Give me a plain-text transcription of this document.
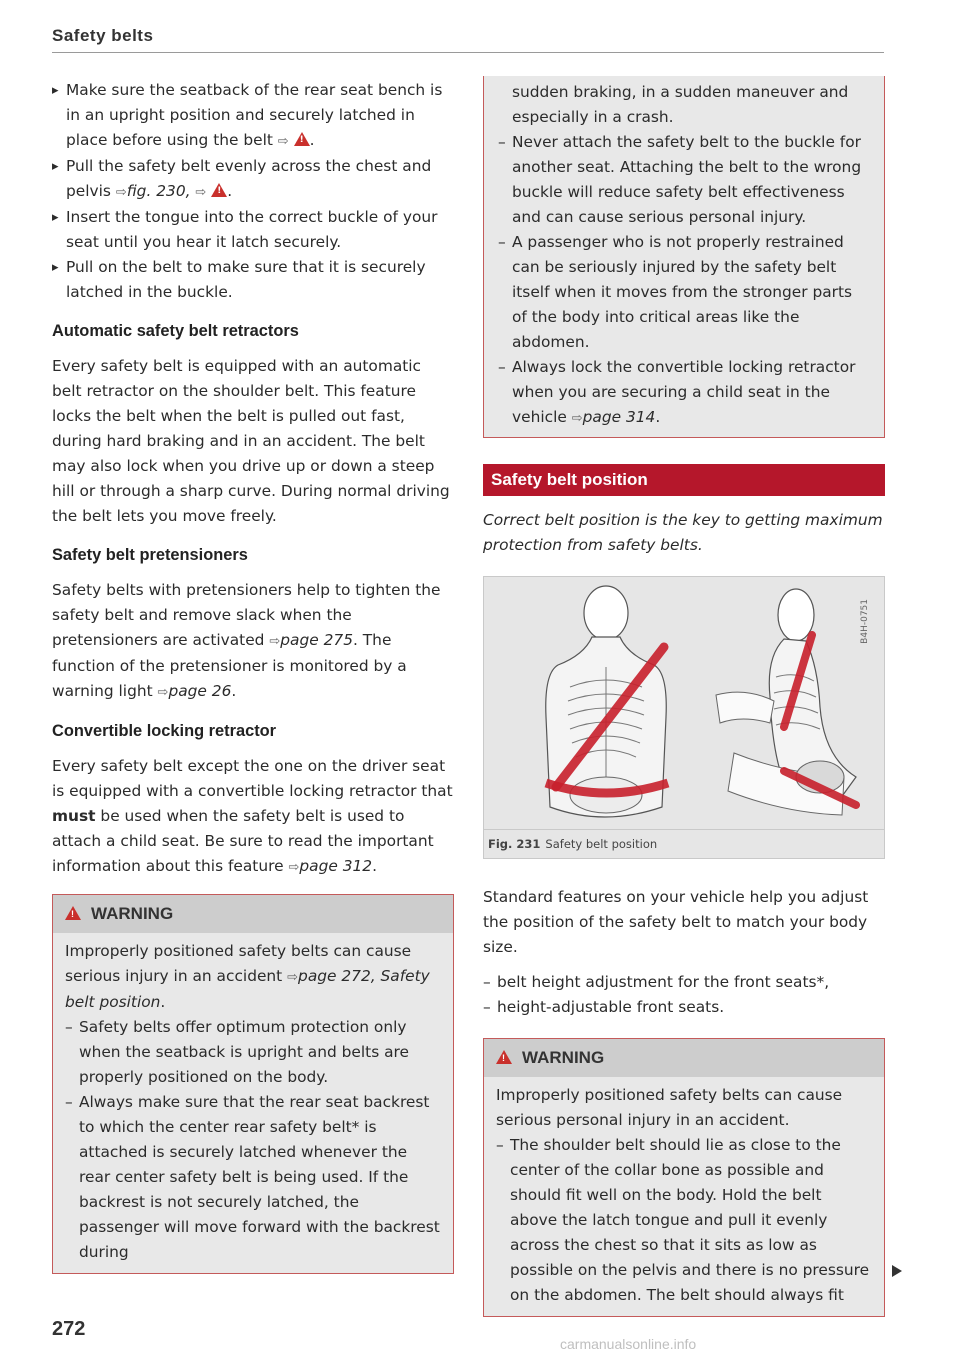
Safety belts

▸ Make sure the seatback of the rear seat bench is in an upright position and securely latched in place before using the belt ⇨ ! .

▸ Pull the safety belt evenly across the chest and pelvis ⇨fig. 230, ⇨ ! .

▸ Insert the tongue into the correct buckle of your seat until you hear it latch securely.

▸ Pull on the belt to make sure that it is securely latched in the buckle.

Automatic safety belt retractors

Every safety belt is equipped with an automatic belt retractor on the shoulder belt. This feature locks the belt when the belt is pulled out fast, during hard braking and in an accident. The belt may also lock when you drive up or down a steep hill or through a sharp curve. During normal driving the belt lets you move freely.

Safety belt pretensioners

Safety belts with pretensioners help to tighten the safety belt and remove slack when the pretensioners are activated ⇨page 275. The function of the pretensioner is monitored by a warning light ⇨page 26.

Convertible locking retractor

Every safety belt except the one on the driver seat is equipped with a convertible locking retractor that must be used when the safety belt is used to attach a child seat. Be sure to read the important information about this feature ⇨page 312.

!WARNING

Improperly positioned safety belts can cause serious injury in an accident ⇨page 272, Safety belt position.

– Safety belts offer optimum protection only when the seatback is upright and belts are properly positioned on the body.

– Always make sure that the rear seat backrest to which the center rear safety belt* is attached is securely latched whenever the rear center safety belt is being used. If the backrest is not securely latched, the passenger will move forward with the backrest during

272

sudden braking, in a sudden maneuver and especially in a crash.

– Never attach the safety belt to the buckle for another seat. Attaching the belt to the wrong buckle will reduce safety belt effectiveness and can cause serious personal injury.

– A passenger who is not properly restrained can be seriously injured by the safety belt itself when it moves from the stronger parts of the body into critical areas like the abdomen.

– Always lock the convertible locking retractor when you are securing a child seat in the vehicle ⇨page 314.

Safety belt position

Correct belt position is the key to getting maximum protection from safety belts.

B4H-0751
Fig. 231 Safety belt position

Standard features on your vehicle help you adjust the position of the safety belt to match your body size.

– belt height adjustment for the front seats*,

– height-adjustable front seats.

!WARNING

Improperly positioned safety belts can cause serious personal injury in an accident.

– The shoulder belt should lie as close to the center of the collar bone as possible and should fit well on the body. Hold the belt above the latch tongue and pull it evenly across the chest so that it sits as low as possible on the pelvis and there is no pressure on the abdomen. The belt should always fit

carmanualsonline.info
